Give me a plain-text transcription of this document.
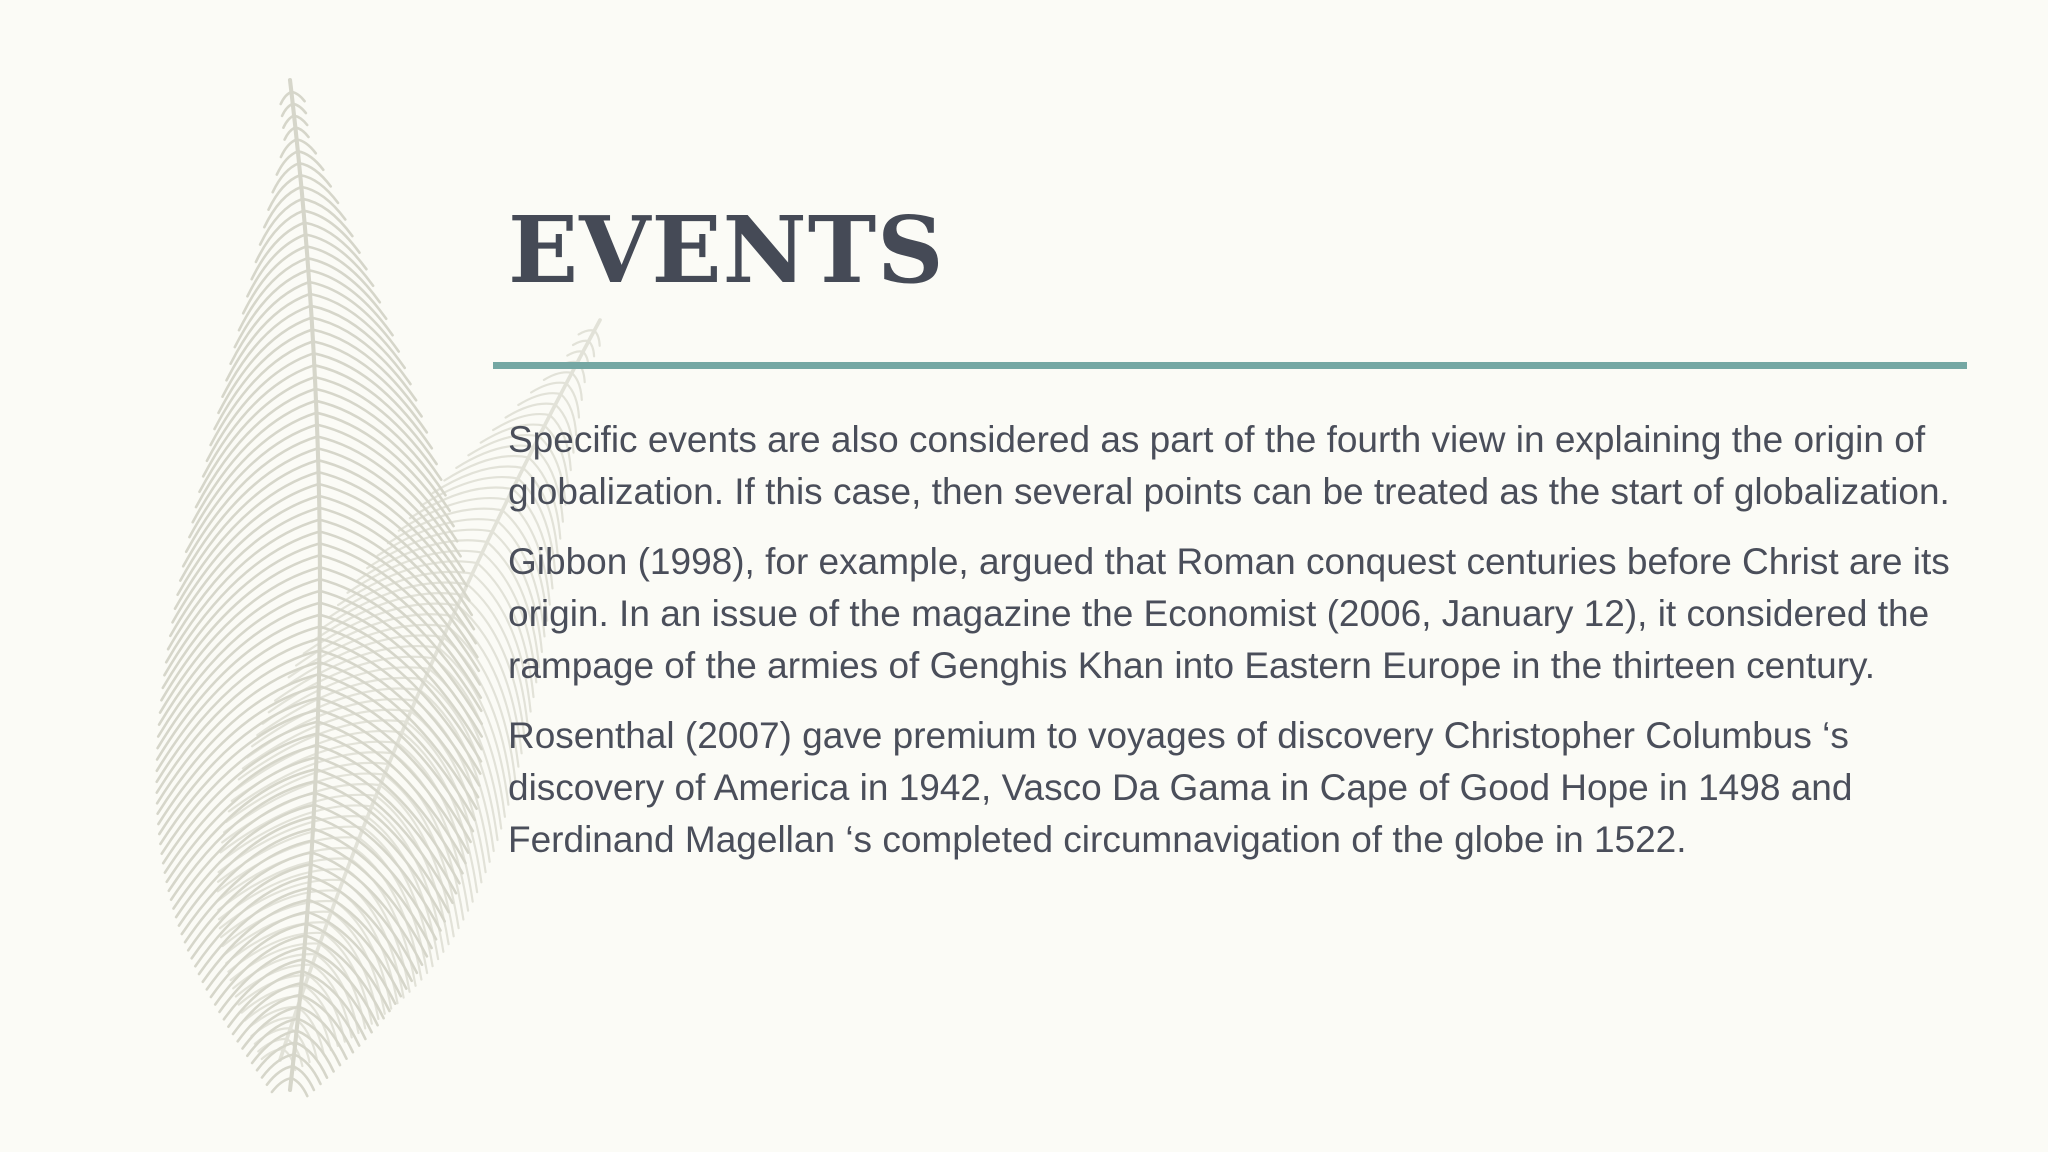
EVENTS

Specific events are also considered as part of the fourth view in explaining the origin of globalization. If this case, then several points can be treated as the start of globalization.

Gibbon (1998), for example, argued that Roman conquest centuries before Christ are its origin. In an issue of the magazine the Economist (2006, January 12), it considered the rampage of the armies of Genghis Khan into Eastern Europe in the thirteen century.

Rosenthal (2007) gave premium to voyages of discovery Christopher Columbus ‘s discovery of America in 1942, Vasco Da Gama in Cape of Good Hope in 1498 and Ferdinand Magellan ‘s completed circumnavigation of the globe in 1522.
